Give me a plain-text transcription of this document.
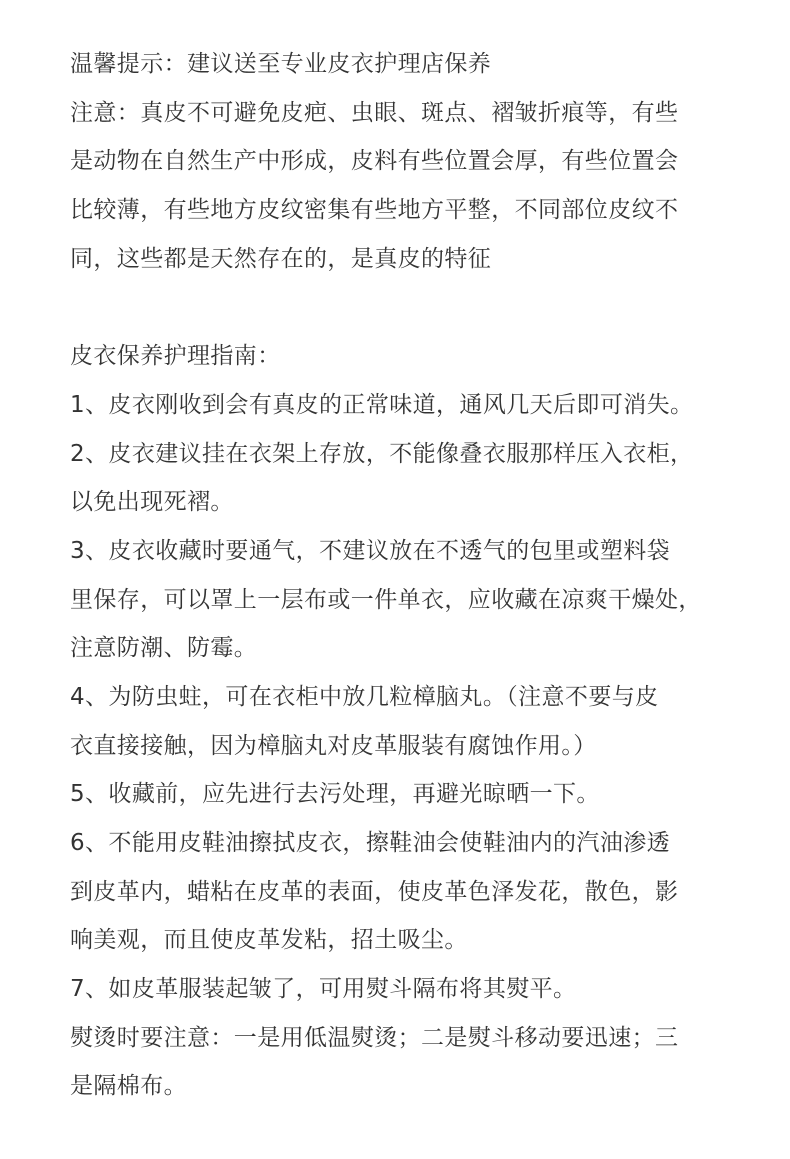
温馨提示：建议送至专业皮衣护理店保养
注意：真皮不可避免皮疤、虫眼、斑点、褶皱折痕等，有些
是动物在自然生产中形成，皮料有些位置会厚，有些位置会
比较薄，有些地方皮纹密集有些地方平整，不同部位皮纹不
同，这些都是天然存在的，是真皮的特征
皮衣保养护理指南：
1、皮衣刚收到会有真皮的正常味道，通风几天后即可消失。
2、皮衣建议挂在衣架上存放，不能像叠衣服那样压入衣柜，
以免出现死褶。
3、皮衣收藏时要通气，不建议放在不透气的包里或塑料袋
里保存，可以罩上一层布或一件单衣，应收藏在凉爽干燥处，
注意防潮、防霉。
4、为防虫蛀，可在衣柜中放几粒樟脑丸。（注意不要与皮
衣直接接触，因为樟脑丸对皮革服装有腐蚀作用。）
5、收藏前，应先进行去污处理，再避光晾晒一下。
6、不能用皮鞋油擦拭皮衣，擦鞋油会使鞋油内的汽油渗透
到皮革内，蜡粘在皮革的表面，使皮革色泽发花，散色，影
响美观，而且使皮革发粘，招土吸尘。
7、如皮革服装起皱了，可用熨斗隔布将其熨平。
熨烫时要注意：一是用低温熨烫；二是熨斗移动要迅速；三
是隔棉布。
